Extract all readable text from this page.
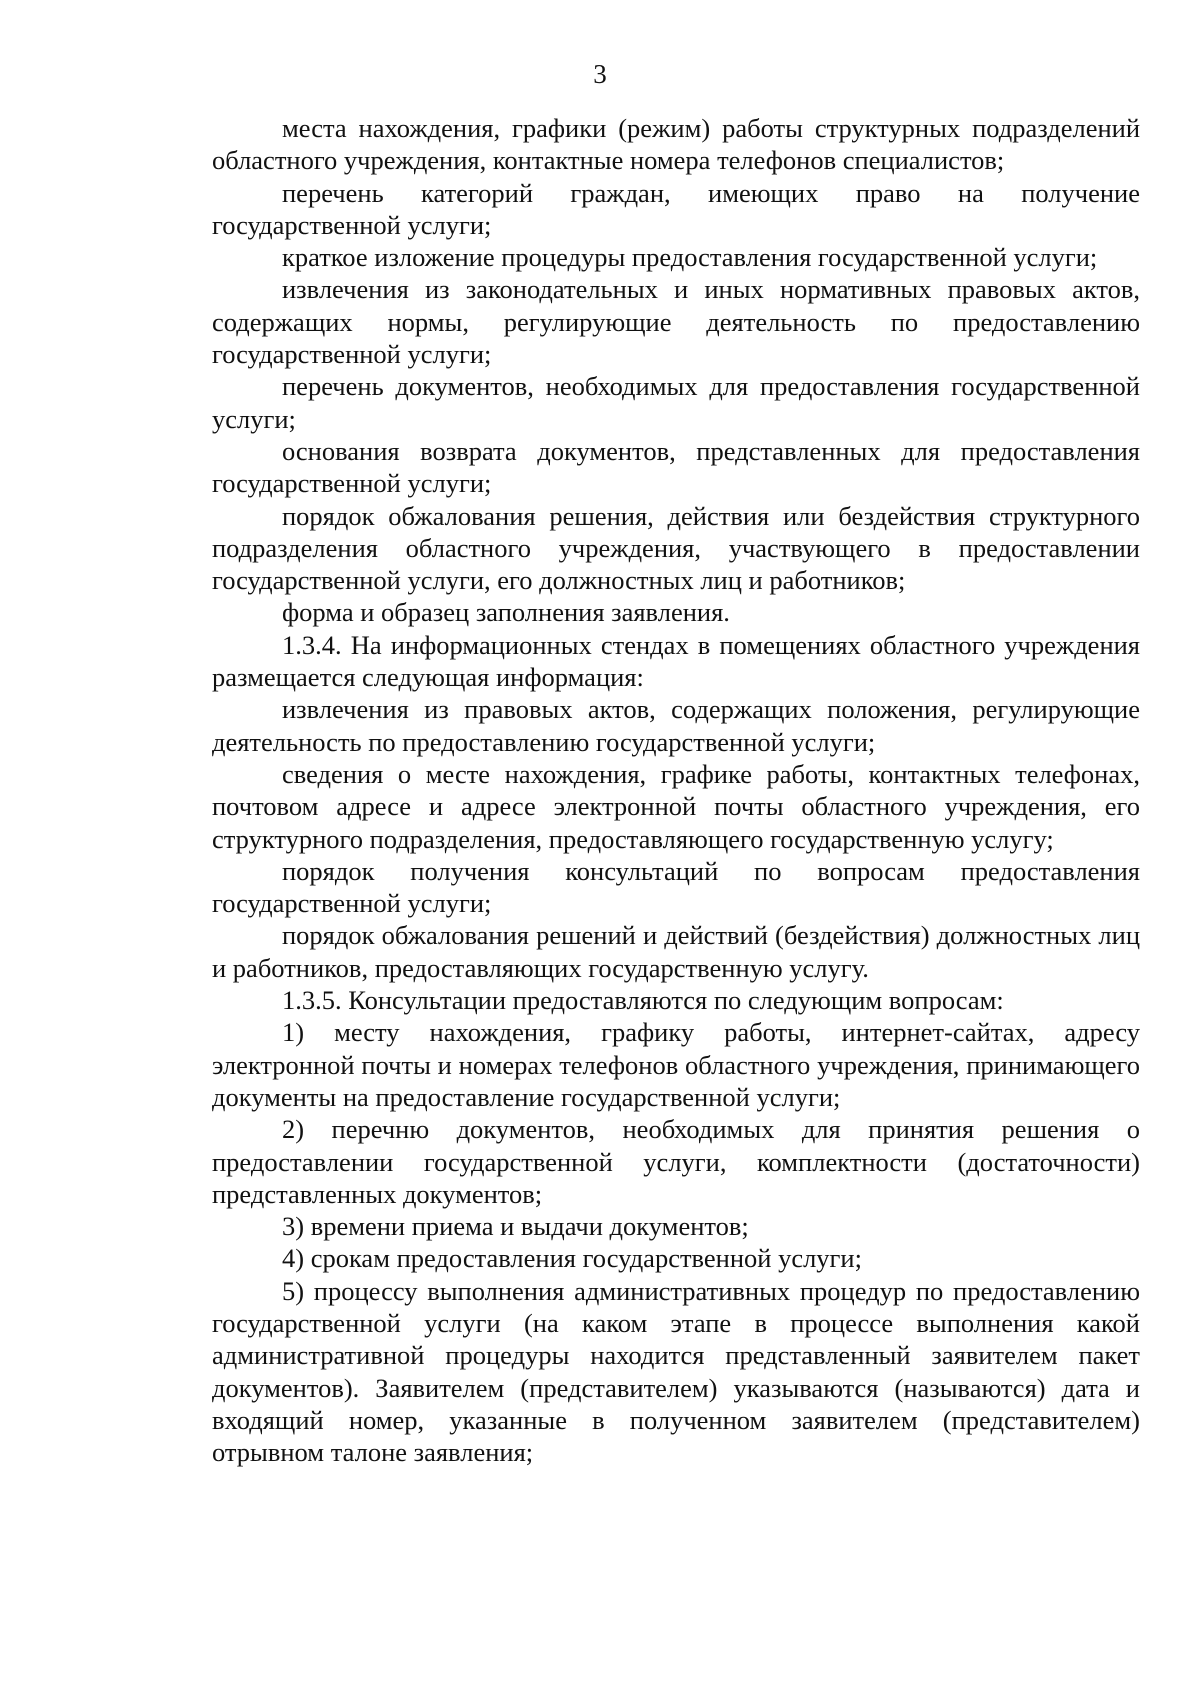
3

места нахождения, графики (режим) работы структурных подразделений областного учреждения, контактные номера телефонов специалистов;

перечень категорий граждан, имеющих право на получение государственной услуги;

краткое изложение процедуры предоставления государственной услуги;

извлечения из законодательных и иных нормативных правовых актов, содержащих нормы, регулирующие деятельность по предоставлению государственной услуги;

перечень документов, необходимых для предоставления государственной услуги;

основания возврата документов, представленных для предоставления государственной услуги;

порядок обжалования решения, действия или бездействия структурного подразделения областного учреждения, участвующего в предоставлении государственной услуги, его должностных лиц и работников;

форма и образец заполнения заявления.

1.3.4. На информационных стендах в помещениях областного учреждения размещается следующая информация:

извлечения из правовых актов, содержащих положения, регулирующие деятельность по предоставлению государственной услуги;

сведения о месте нахождения, графике работы, контактных телефонах, почтовом адресе и адресе электронной почты областного учреждения, его структурного подразделения, предоставляющего государственную услугу;

порядок получения консультаций по вопросам предоставления государственной услуги;

порядок обжалования решений и действий (бездействия) должностных лиц и работников, предоставляющих государственную услугу.

1.3.5. Консультации предоставляются по следующим вопросам:

1) месту нахождения, графику работы, интернет-сайтах, адресу электронной почты и номерах телефонов областного учреждения, принимающего документы на предоставление государственной услуги;

2) перечню документов, необходимых для принятия решения о предоставлении государственной услуги, комплектности (достаточности) представленных документов;

3) времени приема и выдачи документов;

4) срокам предоставления государственной услуги;

5) процессу выполнения административных процедур по предоставлению государственной услуги (на каком этапе в процессе выполнения какой административной процедуры находится представленный заявителем пакет документов). Заявителем (представителем) указываются (называются) дата и входящий номер, указанные в полученном заявителем (представителем) отрывном талоне заявления;
